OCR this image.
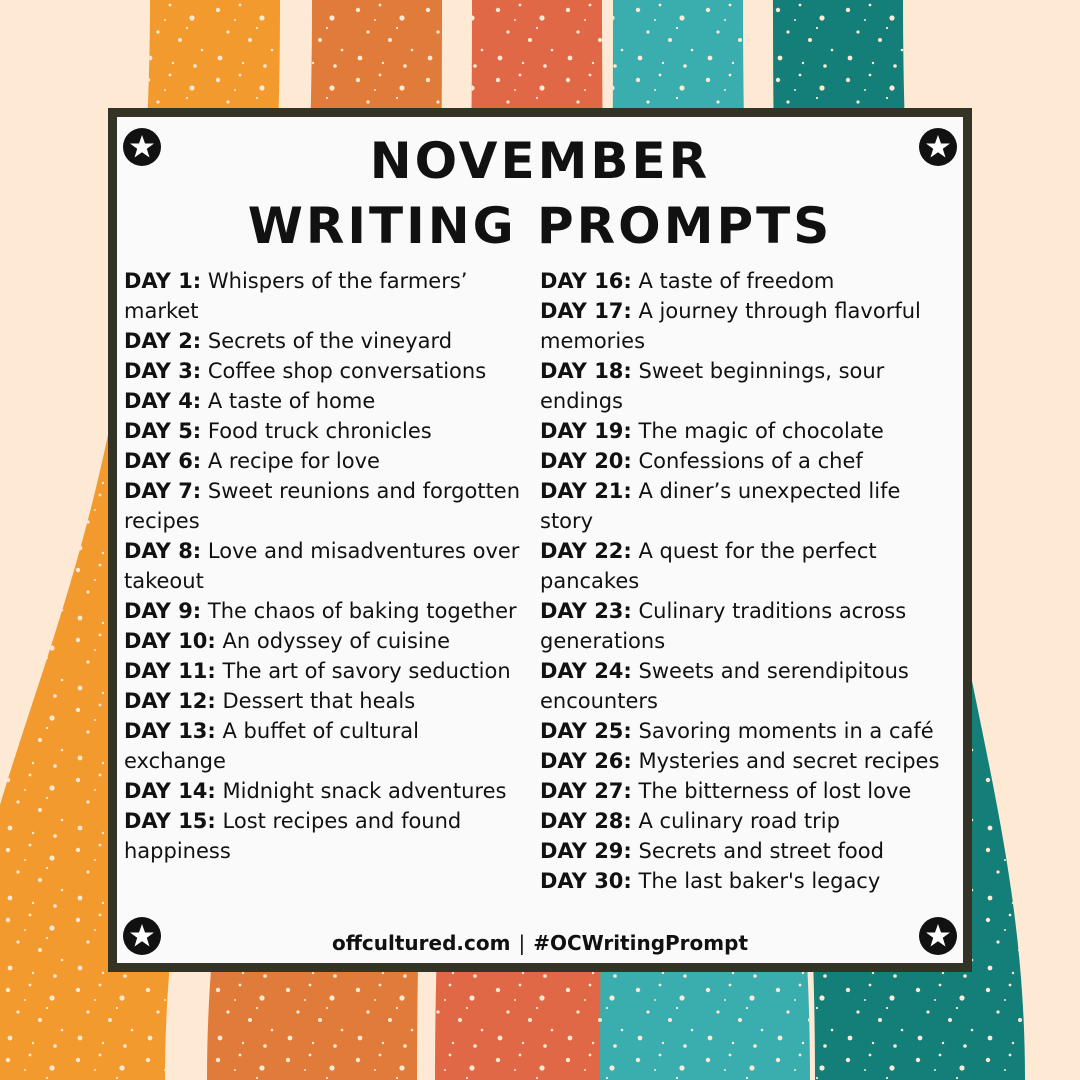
NOVEMBER
WRITING PROMPTS

DAY 1: Whispers of the farmers’ market

DAY 2: Secrets of the vineyard

DAY 3: Coffee shop conversations

DAY 4: A taste of home

DAY 5: Food truck chronicles

DAY 6: A recipe for love

DAY 7: Sweet reunions and forgotten recipes

DAY 8: Love and misadventures over takeout

DAY 9: The chaos of baking together

DAY 10: An odyssey of cuisine

DAY 11: The art of savory seduction

DAY 12: Dessert that heals

DAY 13: A buffet of cultural exchange

DAY 14: Midnight snack adventures

DAY 15: Lost recipes and found happiness

DAY 16: A taste of freedom

DAY 17: A journey through flavorful memories

DAY 18: Sweet beginnings, sour endings

DAY 19: The magic of chocolate

DAY 20: Confessions of a chef

DAY 21: A diner’s unexpected life story

DAY 22: A quest for the perfect pancakes

DAY 23: Culinary traditions across generations

DAY 24: Sweets and serendipitous encounters

DAY 25: Savoring moments in a café

DAY 26: Mysteries and secret recipes

DAY 27: The bitterness of lost love

DAY 28: A culinary road trip

DAY 29: Secrets and street food

DAY 30: The last baker's legacy

offcultured.com | #OCWritingPrompt
